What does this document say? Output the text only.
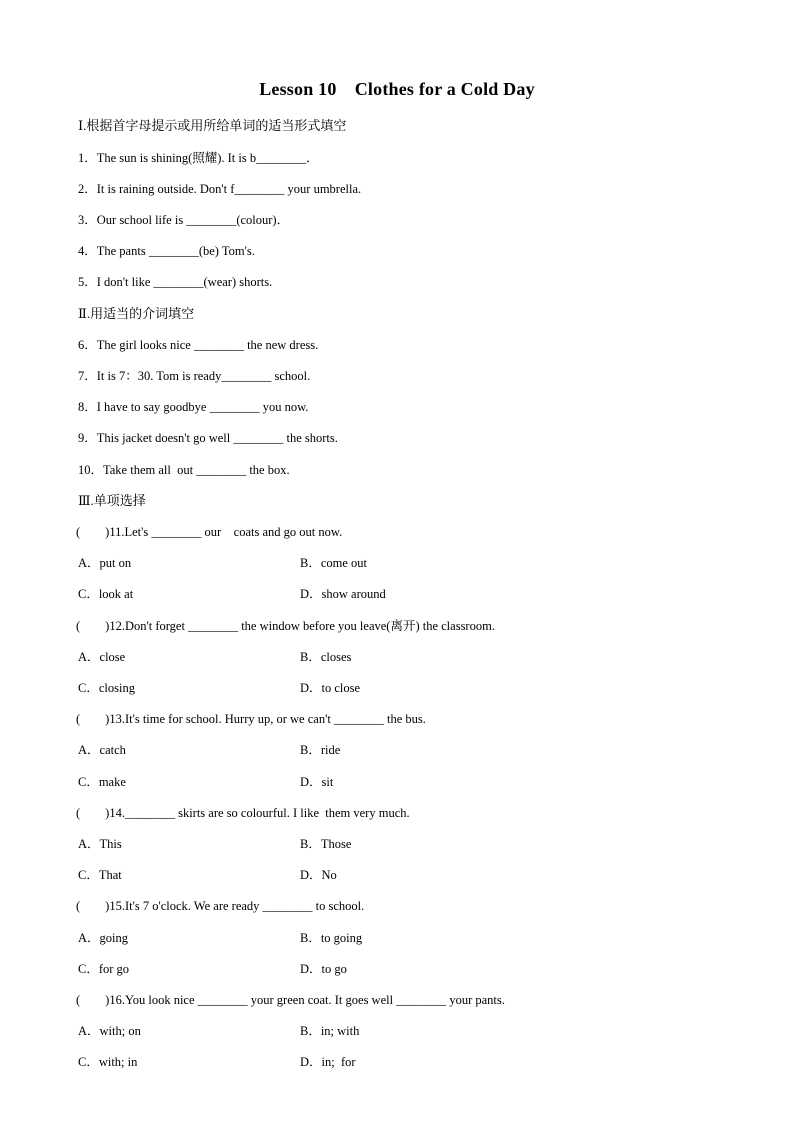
Lesson 10　Clothes for a Cold Day
Ⅰ.根据首字母提示或用所给单词的适当形式填空
1．The sun is shining(照耀). It is b________．
2．It is raining outside. Don't f________ your umbrella.
3．Our school life is ________(colour)．
4．The pants ________(be) Tom's.
5．I don't like ________(wear) shorts.
Ⅱ.用适当的介词填空
6．The girl looks nice ________ the new dress.
7．It is 7：30. Tom is ready________ school.
8．I have to say goodbye ________ you now.
9．This jacket doesn't go well ________ the shorts.
10．Take them all  out ________ the box.
Ⅲ.单项选择
(　　)11.Let's ________ our    coats and go out now.
A．put on	B．come out
C．look at	D．show around
(　　)12.Don't forget ________ the window before you leave(离开) the classroom.
A．close	B．closes
C．closing	D．to close
(　　)13.It's time for school. Hurry up, or we can't ________ the bus.
A．catch	B．ride
C．make	D．sit
(　　)14.________ skirts are so colourful. I like  them very much.
A．This	B．Those
C．That	D．No
(　　)15.It's 7 o'clock. We are ready ________ to school.
A．going	B．to going
C．for go	D．to go
(　　)16.You look nice ________ your green coat. It goes well ________ your pants.
A．with; on	B．in; with
C．with; in	D．in;  for
